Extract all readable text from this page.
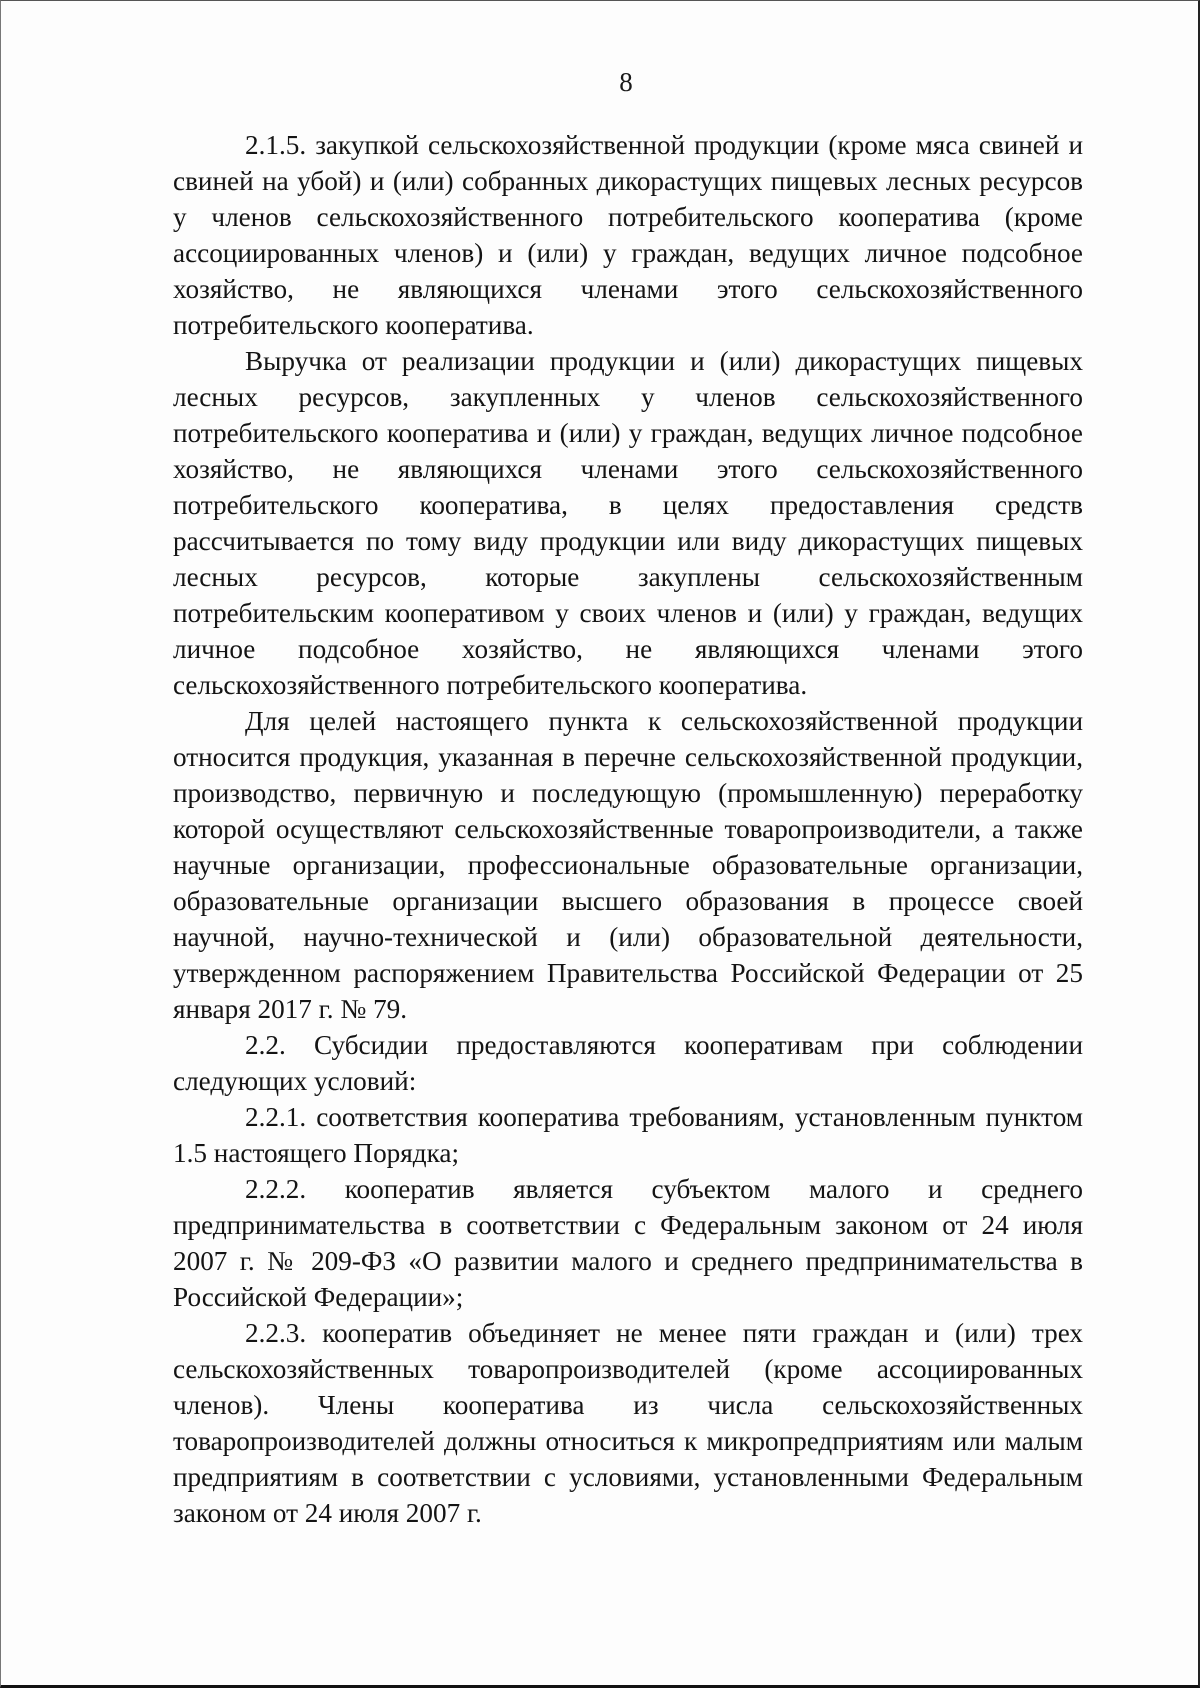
8

2.1.5. закупкой сельскохозяйственной продукции (кроме мяса свиней и свиней на убой) и (или) собранных дикорастущих пищевых лесных ресурсов у членов сельскохозяйственного потребительского кооператива (кроме ассоциированных членов) и (или) у граждан, ведущих личное подсобное хозяйство, не являющихся членами этого сельскохозяйственного потребительского кооператива.

Выручка от реализации продукции и (или) дикорастущих пищевых лесных ресурсов, закупленных у членов сельскохозяйственного потребительского кооператива и (или) у граждан, ведущих личное подсобное хозяйство, не являющихся членами этого сельскохозяйственного потребительского кооператива, в целях предоставления средств рассчитывается по тому виду продукции или виду дикорастущих пищевых лесных ресурсов, которые закуплены сельскохозяйственным потребительским кооперативом у своих членов и (или) у граждан, ведущих личное подсобное хозяйство, не являющихся членами этого сельскохозяйственного потребительского кооператива.

Для целей настоящего пункта к сельскохозяйственной продукции относится продукция, указанная в перечне сельскохозяйственной продукции, производство, первичную и последующую (промышленную) переработку которой осуществляют сельскохозяйственные товаропроизводители, а также научные организации, профессиональные образовательные организации, образовательные организации высшего образования в процессе своей научной, научно-технической и (или) образовательной деятельности, утвержденном распоряжением Правительства Российской Федерации от 25 января 2017 г. № 79.

2.2. Субсидии предоставляются кооперативам при соблюдении следующих условий:

2.2.1. соответствия кооператива требованиям, установленным пунктом 1.5 настоящего Порядка;

2.2.2. кооператив является субъектом малого и среднего предпринимательства в соответствии с Федеральным законом от 24 июля 2007 г. № 209-ФЗ «О развитии малого и среднего предпринимательства в Российской Федерации»;

2.2.3. кооператив объединяет не менее пяти граждан и (или) трех сельскохозяйственных товаропроизводителей (кроме ассоциированных членов). Члены кооператива из числа сельскохозяйственных товаропроизводителей должны относиться к микропредприятиям или малым предприятиям в соответствии с условиями, установленными Федеральным законом от 24 июля 2007 г.
